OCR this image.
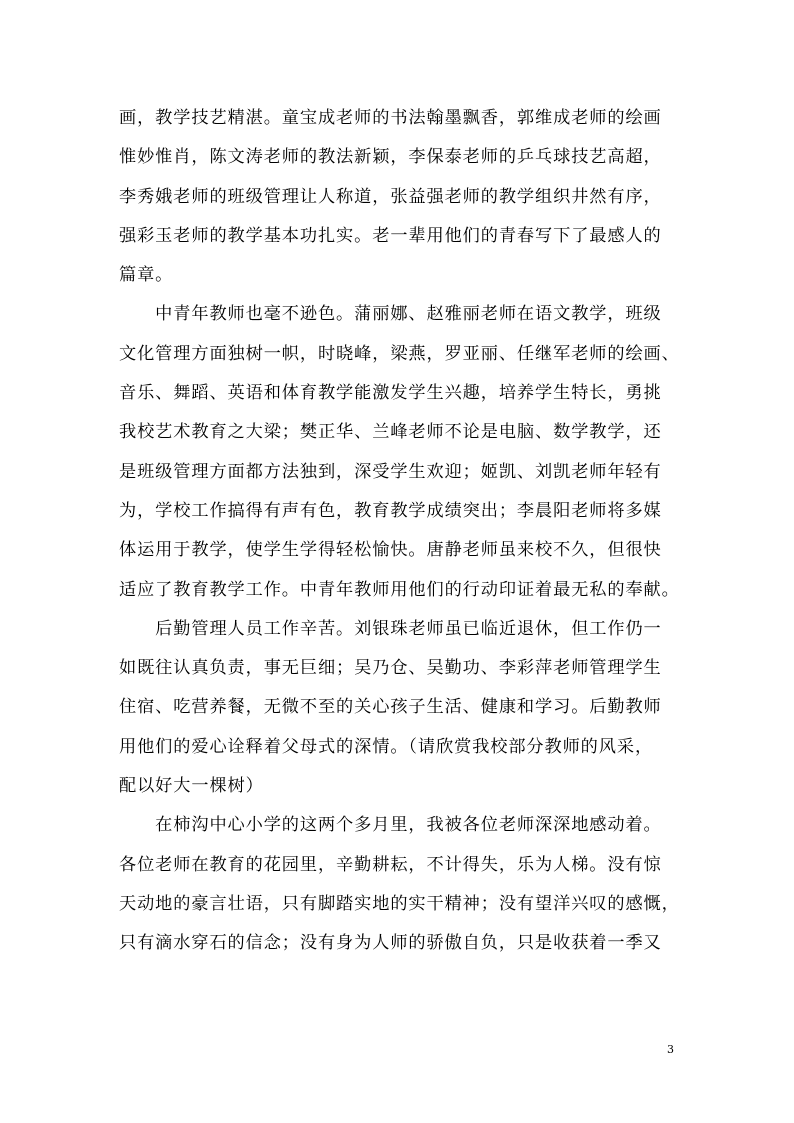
画，教学技艺精湛。童宝成老师的书法翰墨飘香，郭维成老师的绘画
惟妙惟肖，陈文涛老师的教法新颖，李保泰老师的乒乓球技艺高超，
李秀娥老师的班级管理让人称道，张益强老师的教学组织井然有序，
强彩玉老师的教学基本功扎实。老一辈用他们的青春写下了最感人的
篇章。
　　中青年教师也毫不逊色。蒲丽娜、赵雅丽老师在语文教学，班级
文化管理方面独树一帜，时晓峰，梁燕，罗亚丽、任继军老师的绘画、
音乐、舞蹈、英语和体育教学能激发学生兴趣，培养学生特长，勇挑
我校艺术教育之大梁；樊正华、兰峰老师不论是电脑、数学教学，还
是班级管理方面都方法独到，深受学生欢迎；姬凯、刘凯老师年轻有
为，学校工作搞得有声有色，教育教学成绩突出；李晨阳老师将多媒
体运用于教学，使学生学得轻松愉快。唐静老师虽来校不久，但很快
适应了教育教学工作。中青年教师用他们的行动印证着最无私的奉献。
　　后勤管理人员工作辛苦。刘银珠老师虽已临近退休，但工作仍一
如既往认真负责，事无巨细；吴乃仓、吴勤功、李彩萍老师管理学生
住宿、吃营养餐，无微不至的关心孩子生活、健康和学习。后勤教师
用他们的爱心诠释着父母式的深情。（请欣赏我校部分教师的风采，
配以好大一棵树）
　　在柿沟中心小学的这两个多月里，我被各位老师深深地感动着。
各位老师在教育的花园里，辛勤耕耘，不计得失，乐为人梯。没有惊
天动地的豪言壮语，只有脚踏实地的实干精神；没有望洋兴叹的感慨，
只有滴水穿石的信念；没有身为人师的骄傲自负，只是收获着一季又
3
